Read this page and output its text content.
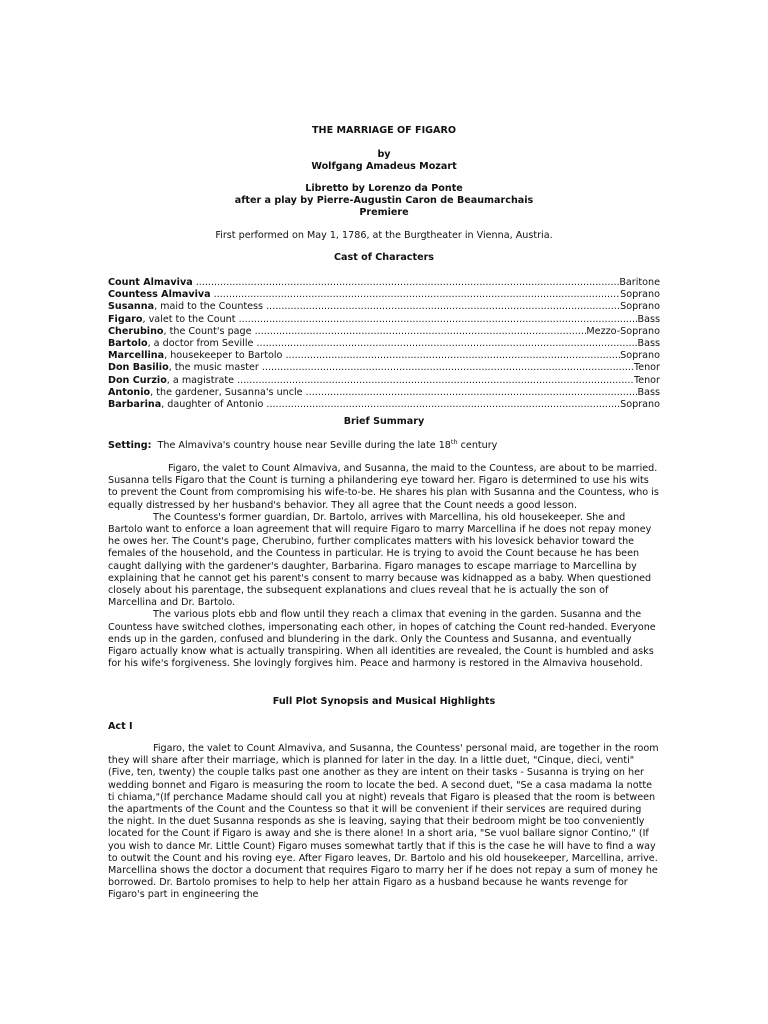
THE MARRIAGE OF FIGARO
by
Wolfgang Amadeus Mozart
Libretto by Lorenzo da Ponte
after a play by Pierre-Augustin Caron de Beaumarchais
Premiere
First performed on May 1, 1786, at the Burgtheater in Vienna, Austria.
Cast of Characters
Count Almaviva .....	Baritone
Countess Almaviva .....	Soprano
Susanna, maid to the Countess .....	Soprano
Figaro, valet to the Count .....	Bass
Cherubino, the Count's page .....	Mezzo-Soprano
Bartolo, a doctor from Seville .....	Bass
Marcellina, housekeeper to Bartolo .....	Soprano
Don Basilio, the music master .....	Tenor
Don Curzio, a magistrate .....	Tenor
Antonio, the gardener, Susanna's uncle .....	Bass
Barbarina, daughter of Antonio .....	Soprano
Brief Summary
Setting: The Almaviva's country house near Seville during the late 18th century

Figaro, the valet to Count Almaviva, and Susanna, the maid to the Countess, are about to be married. Susanna tells Figaro that the Count is turning a philandering eye toward her. Figaro is determined to use his wits to prevent the Count from compromising his wife-to-be. He shares his plan with Susanna and the Countess, who is equally distressed by her husband's behavior. They all agree that the Count needs a good lesson.

The Countess's former guardian, Dr. Bartolo, arrives with Marcellina, his old housekeeper. She and Bartolo want to enforce a loan agreement that will require Figaro to marry Marcellina if he does not repay money he owes her. The Count's page, Cherubino, further complicates matters with his lovesick behavior toward the females of the household, and the Countess in particular. He is trying to avoid the Count because he has been caught dallying with the gardener's daughter, Barbarina. Figaro manages to escape marriage to Marcellina by explaining that he cannot get his parent's consent to marry because was kidnapped as a baby. When questioned closely about his parentage, the subsequent explanations and clues reveal that he is actually the son of Marcellina and Dr. Bartolo.

The various plots ebb and flow until they reach a climax that evening in the garden. Susanna and the Countess have switched clothes, impersonating each other, in hopes of catching the Count red-handed. Everyone ends up in the garden, confused and blundering in the dark. Only the Countess and Susanna, and eventually Figaro actually know what is actually transpiring. When all identities are revealed, the Count is humbled and asks for his wife's forgiveness. She lovingly forgives him. Peace and harmony is restored in the Almaviva household.

Full Plot Synopsis and Musical Highlights
Act I

Figaro, the valet to Count Almaviva, and Susanna, the Countess' personal maid, are together in the room they will share after their marriage, which is planned for later in the day. In a little duet, "Cinque, dieci, venti" (Five, ten, twenty) the couple talks past one another as they are intent on their tasks - Susanna is trying on her wedding bonnet and Figaro is measuring the room to locate the bed. A second duet, "Se a casa madama la notte ti chiama,"(If perchance Madame should call you at night) reveals that Figaro is pleased that the room is between the apartments of the Count and the Countess so that it will be convenient if their services are required during the night. In the duet Susanna responds as she is leaving, saying that their bedroom might be too conveniently located for the Count if Figaro is away and she is there alone! In a short aria, "Se vuol ballare signor Contino," (If you wish to dance Mr. Little Count) Figaro muses somewhat tartly that if this is the case he will have to find a way to outwit the Count and his roving eye. After Figaro leaves, Dr. Bartolo and his old housekeeper, Marcellina, arrive. Marcellina shows the doctor a document that requires Figaro to marry her if he does not repay a sum of money he borrowed. Dr. Bartolo promises to help to help her attain Figaro as a husband because he wants revenge for Figaro's part in engineering the
